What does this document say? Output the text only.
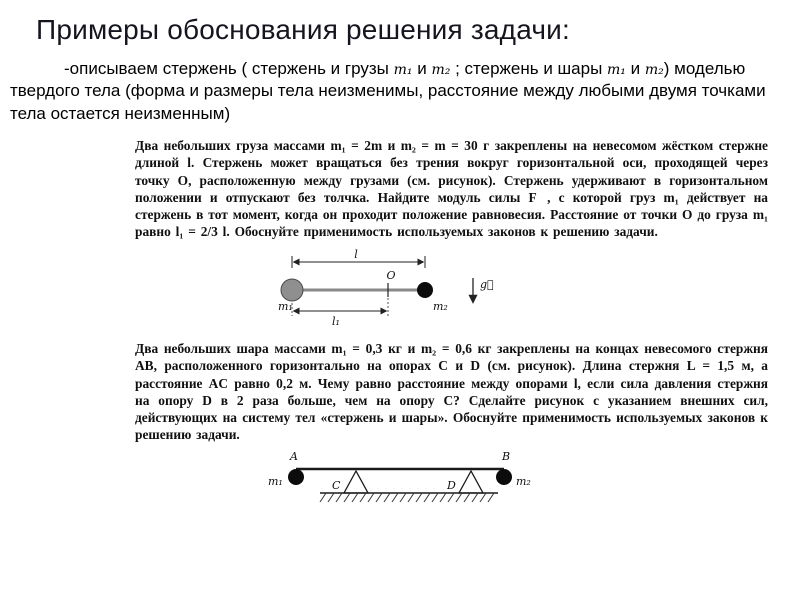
Примеры обоснования решения задачи:

-описываем стержень ( стержень и грузы m₁ и m₂ ; стержень и шары m₁ и m₂) моделью твердого тела (форма и размеры тела неизменимы, расстояние между любыми двумя точками тела остается неизменным)

Два небольших груза массами m₁ = 2m и m₂ = m = 30 г закреплены на невесомом жёстком стержне длиной l. Стержень может вращаться без трения вокруг горизонтальной оси, проходящей через точку O, расположенную между грузами (см. рисунок). Стержень удерживают в горизонтальном положении и отпускают без толчка. Найдите модуль силы F⃗, с которой груз m₁ действует на стержень в тот момент, когда он проходит положение равновесия. Расстояние от точки O до груза m₁ равно l₁ = 2/3 l. Обоснуйте применимость используемых законов к решению задачи.
l
O
m₁	m₂
l₁
g⃗
Два небольших шара массами m₁ = 0,3 кг и m₂ = 0,6 кг закреплены на концах невесомого стержня AB, расположенного горизонтально на опорах C и D (см. рисунок). Длина стержня L = 1,5 м, а расстояние AC равно 0,2 м. Чему равно расстояние между опорами l, если сила давления стержня на опору D в 2 раза больше, чем на опору C? Сделайте рисунок с указанием внешних сил, действующих на систему тел «стержень и шары». Обоснуйте применимость используемых законов к решению задачи.
A	B
C	D
m₁	m₂
